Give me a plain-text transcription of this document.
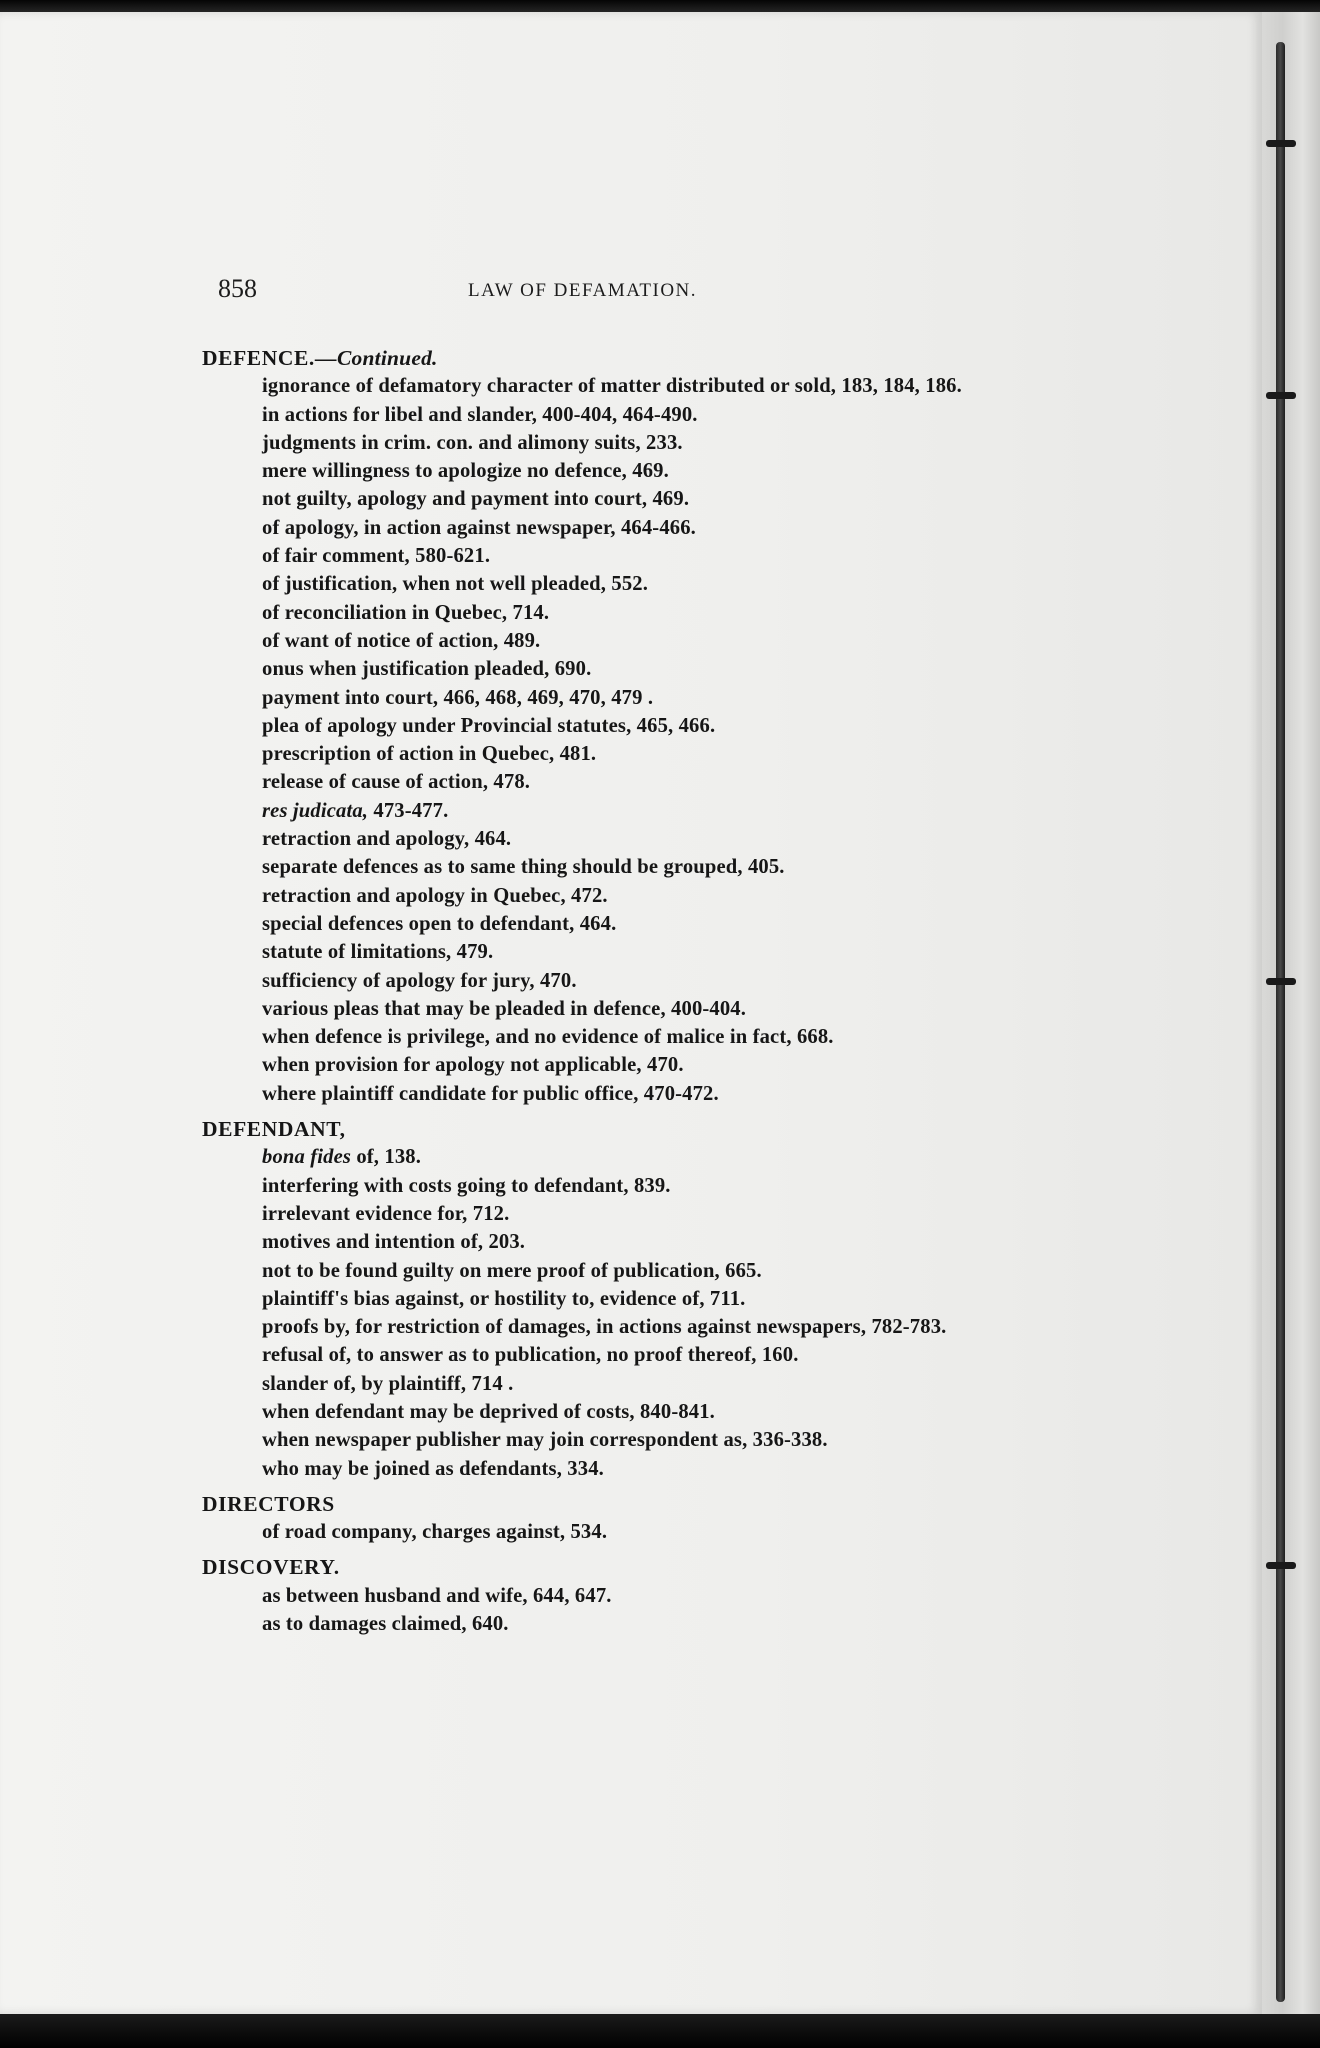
858	LAW OF DEFAMATION.

DEFENCE.—Continued.

ignorance of defamatory character of matter distributed or sold, 183, 184, 186.

in actions for libel and slander, 400-404, 464-490.

judgments in crim. con. and alimony suits, 233.

mere willingness to apologize no defence, 469.

not guilty, apology and payment into court, 469.

of apology, in action against newspaper, 464-466.

of fair comment, 580-621.

of justification, when not well pleaded, 552.

of reconciliation in Quebec, 714.

of want of notice of action, 489.

onus when justification pleaded, 690.

payment into court, 466, 468, 469, 470, 479 .

plea of apology under Provincial statutes, 465, 466.

prescription of action in Quebec, 481.

release of cause of action, 478.

res judicata, 473-477.

retraction and apology, 464.

separate defences as to same thing should be grouped, 405.

retraction and apology in Quebec, 472.

special defences open to defendant, 464.

statute of limitations, 479.

sufficiency of apology for jury, 470.

various pleas that may be pleaded in defence, 400-404.

when defence is privilege, and no evidence of malice in fact, 668.

when provision for apology not applicable, 470.

where plaintiff candidate for public office, 470-472.

DEFENDANT,

bona fides of, 138.

interfering with costs going to defendant, 839.

irrelevant evidence for, 712.

motives and intention of, 203.

not to be found guilty on mere proof of publication, 665.

plaintiff's bias against, or hostility to, evidence of, 711.

proofs by, for restriction of damages, in actions against newspapers, 782-783.

refusal of, to answer as to publication, no proof thereof, 160.

slander of, by plaintiff, 714 .

when defendant may be deprived of costs, 840-841.

when newspaper publisher may join correspondent as, 336-338.

who may be joined as defendants, 334.

DIRECTORS

of road company, charges against, 534.

DISCOVERY.

as between husband and wife, 644, 647.

as to damages claimed, 640.
